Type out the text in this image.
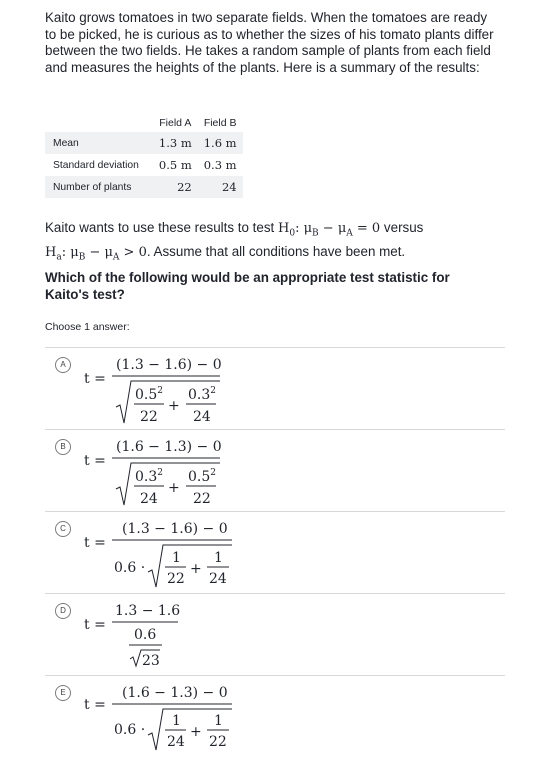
Kaito grows tomatoes in two separate fields. When the tomatoes are ready to be picked, he is curious as to whether the sizes of his tomato plants differ between the two fields. He takes a random sample of plants from each field and measures the heights of the plants. Here is a summary of the results:
	Field A	Field B
Mean	1.3 m	1.6 m
Standard deviation	0.5 m	0.3 m
Number of plants	22	24
Kaito wants to use these results to test $H_0$: $\mu_B - \mu_A = 0$ versus
$H_a$: $\mu_B - \mu_A > 0$. Assume that all conditions have been met.
Which of the following would be an appropriate test statistic for Kaito's test?
Choose 1 answer:
A
B
C
D
E
t =
(1.3 − 1.6) − 0
$0.5^2$
22
+
$0.3^2$
24
t =
(1.6 − 1.3) − 0
$0.3^2$
24
+
$0.5^2$
22
t =
(1.3 − 1.6) − 0
0.6 ·
1
22
+
1
24
t =
1.3 − 1.6
0.6
23
t =
(1.6 − 1.3) − 0
0.6 ·
1
24
+
1
22
